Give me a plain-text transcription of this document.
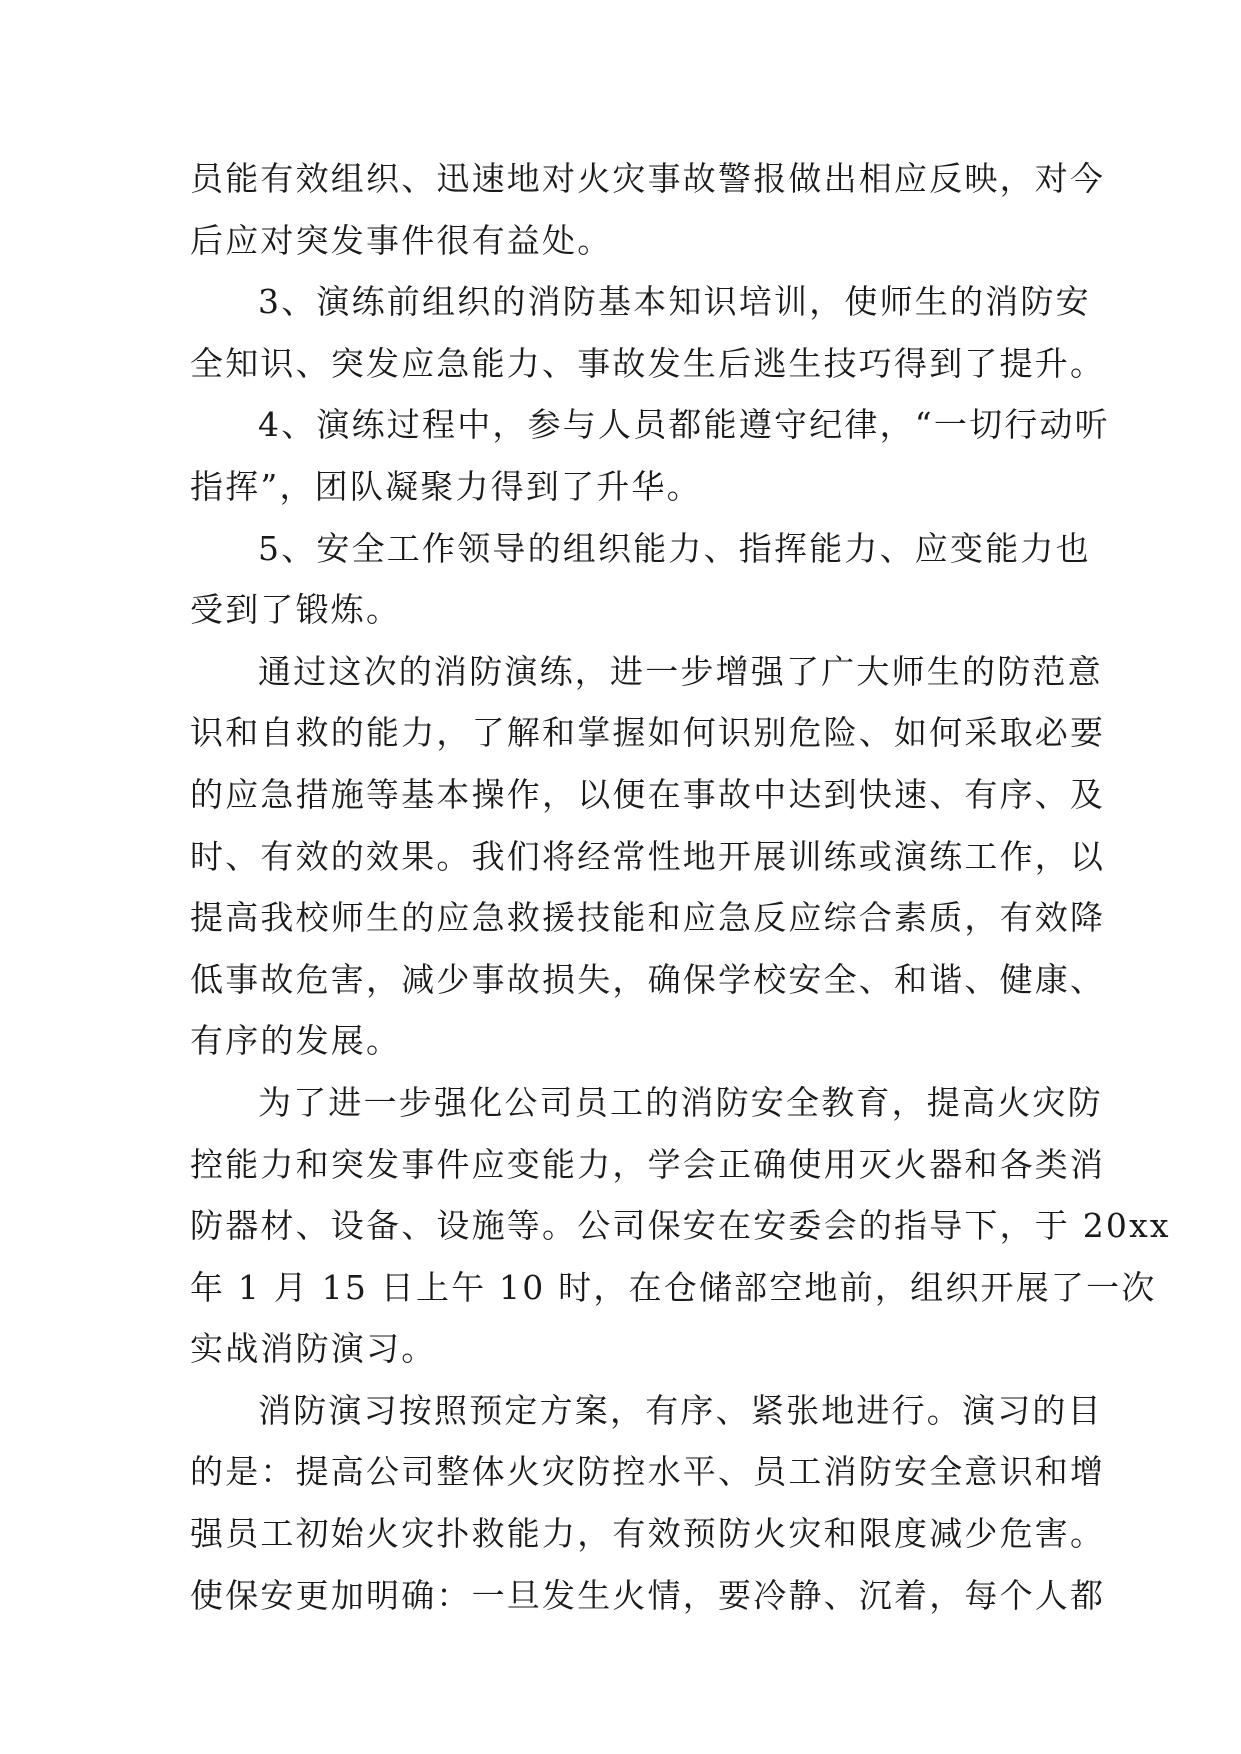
员能有效组织、迅速地对火灾事故警报做出相应反映，对今
后应对突发事件很有益处。
3、演练前组织的消防基本知识培训，使师生的消防安
全知识、突发应急能力、事故发生后逃生技巧得到了提升。
4、演练过程中，参与人员都能遵守纪律，“一切行动听
指挥”，团队凝聚力得到了升华。
5、安全工作领导的组织能力、指挥能力、应变能力也
受到了锻炼。
通过这次的消防演练，进一步增强了广大师生的防范意
识和自救的能力，了解和掌握如何识别危险、如何采取必要
的应急措施等基本操作，以便在事故中达到快速、有序、及
时、有效的效果。我们将经常性地开展训练或演练工作，以
提高我校师生的应急救援技能和应急反应综合素质，有效降
低事故危害，减少事故损失，确保学校安全、和谐、健康、
有序的发展。
为了进一步强化公司员工的消防安全教育，提高火灾防
控能力和突发事件应变能力，学会正确使用灭火器和各类消
防器材、设备、设施等。公司保安在安委会的指导下，于 20xx
年 1 月 15 日上午 10 时，在仓储部空地前，组织开展了一次
实战消防演习。
消防演习按照预定方案，有序、紧张地进行。演习的目
的是：提高公司整体火灾防控水平、员工消防安全意识和增
强员工初始火灾扑救能力，有效预防火灾和限度减少危害。
使保安更加明确：一旦发生火情，要冷静、沉着，每个人都
